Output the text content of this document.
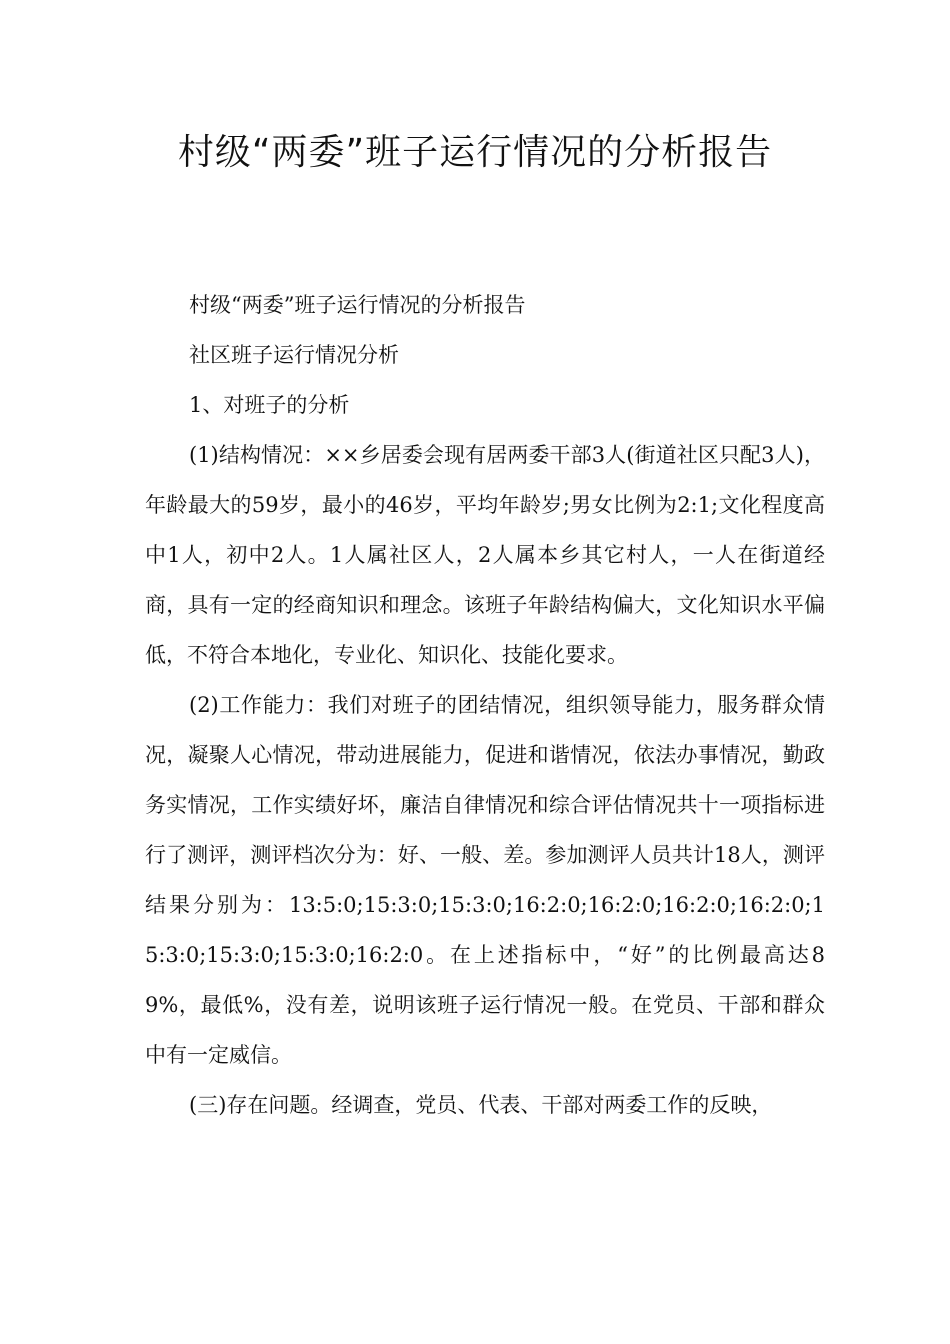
村级“两委”班子运行情况的分析报告

村级“两委”班子运行情况的分析报告

社区班子运行情况分析

1、对班子的分析

(1)结构情况：××乡居委会现有居两委干部3人(街道社区只配3人)，年龄最大的59岁，最小的46岁，平均年龄岁;男女比例为2:1;文化程度高中1人，初中2人。1人属社区人，2人属本乡其它村人，一人在街道经商，具有一定的经商知识和理念。该班子年龄结构偏大，文化知识水平偏低，不符合本地化，专业化、知识化、技能化要求。

(2)工作能力：我们对班子的团结情况，组织领导能力，服务群众情况，凝聚人心情况，带动进展能力，促进和谐情况，依法办事情况，勤政务实情况，工作实绩好坏，廉洁自律情况和综合评估情况共十一项指标进行了测评，测评档次分为：好、一般、差。参加测评人员共计18人，测评结果分别为：13:5:0;15:3:0;15:3:0;16:2:0;16:2:0;16:2:0;16:2:0;15:3:0;15:3:0;15:3:0;16:2:0。在上述指标中，“好”的比例最高达89%，最低%，没有差，说明该班子运行情况一般。在党员、干部和群众中有一定威信。

(三)存在问题。经调查，党员、代表、干部对两委工作的反映，
